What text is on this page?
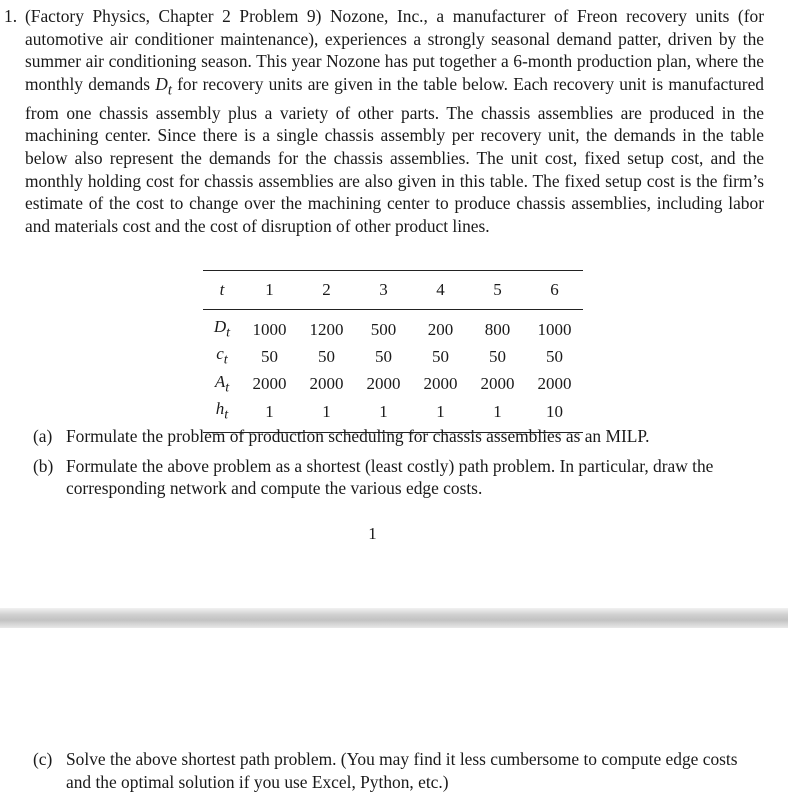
1. (Factory Physics, Chapter 2 Problem 9) Nozone, Inc., a manufacturer of Freon recovery units (for automotive air conditioner maintenance), experiences a strongly seasonal demand patter, driven by the summer air conditioning season. This year Nozone has put together a 6-month production plan, where the monthly demands $D_t$ for recovery units are given in the table below. Each recovery unit is manufactured from one chassis assembly plus a variety of other parts. The chassis assemblies are produced in the machining center. Since there is a single chassis assembly per recovery unit, the demands in the table below also represent the demands for the chassis assemblies. The unit cost, fixed setup cost, and the monthly holding cost for chassis assemblies are also given in this table. The fixed setup cost is the firm’s estimate of the cost to change over the machining center to produce chassis assemblies, including labor and materials cost and the cost of disruption of other product lines.
t	1	2	3	4	5	6
$D_t$	1000	1200	500	200	800	1000
$c_t$	50	50	50	50	50	50
$A_t$	2000	2000	2000	2000	2000	2000
$h_t$	1	1	1	1	1	10
(a) Formulate the problem of production scheduling for chassis assemblies as an MILP.
(b) Formulate the above problem as a shortest (least costly) path problem. In particular, draw the corresponding network and compute the various edge costs.
1
(c) Solve the above shortest path problem. (You may find it less cumbersome to compute edge costs and the optimal solution if you use Excel, Python, etc.)
